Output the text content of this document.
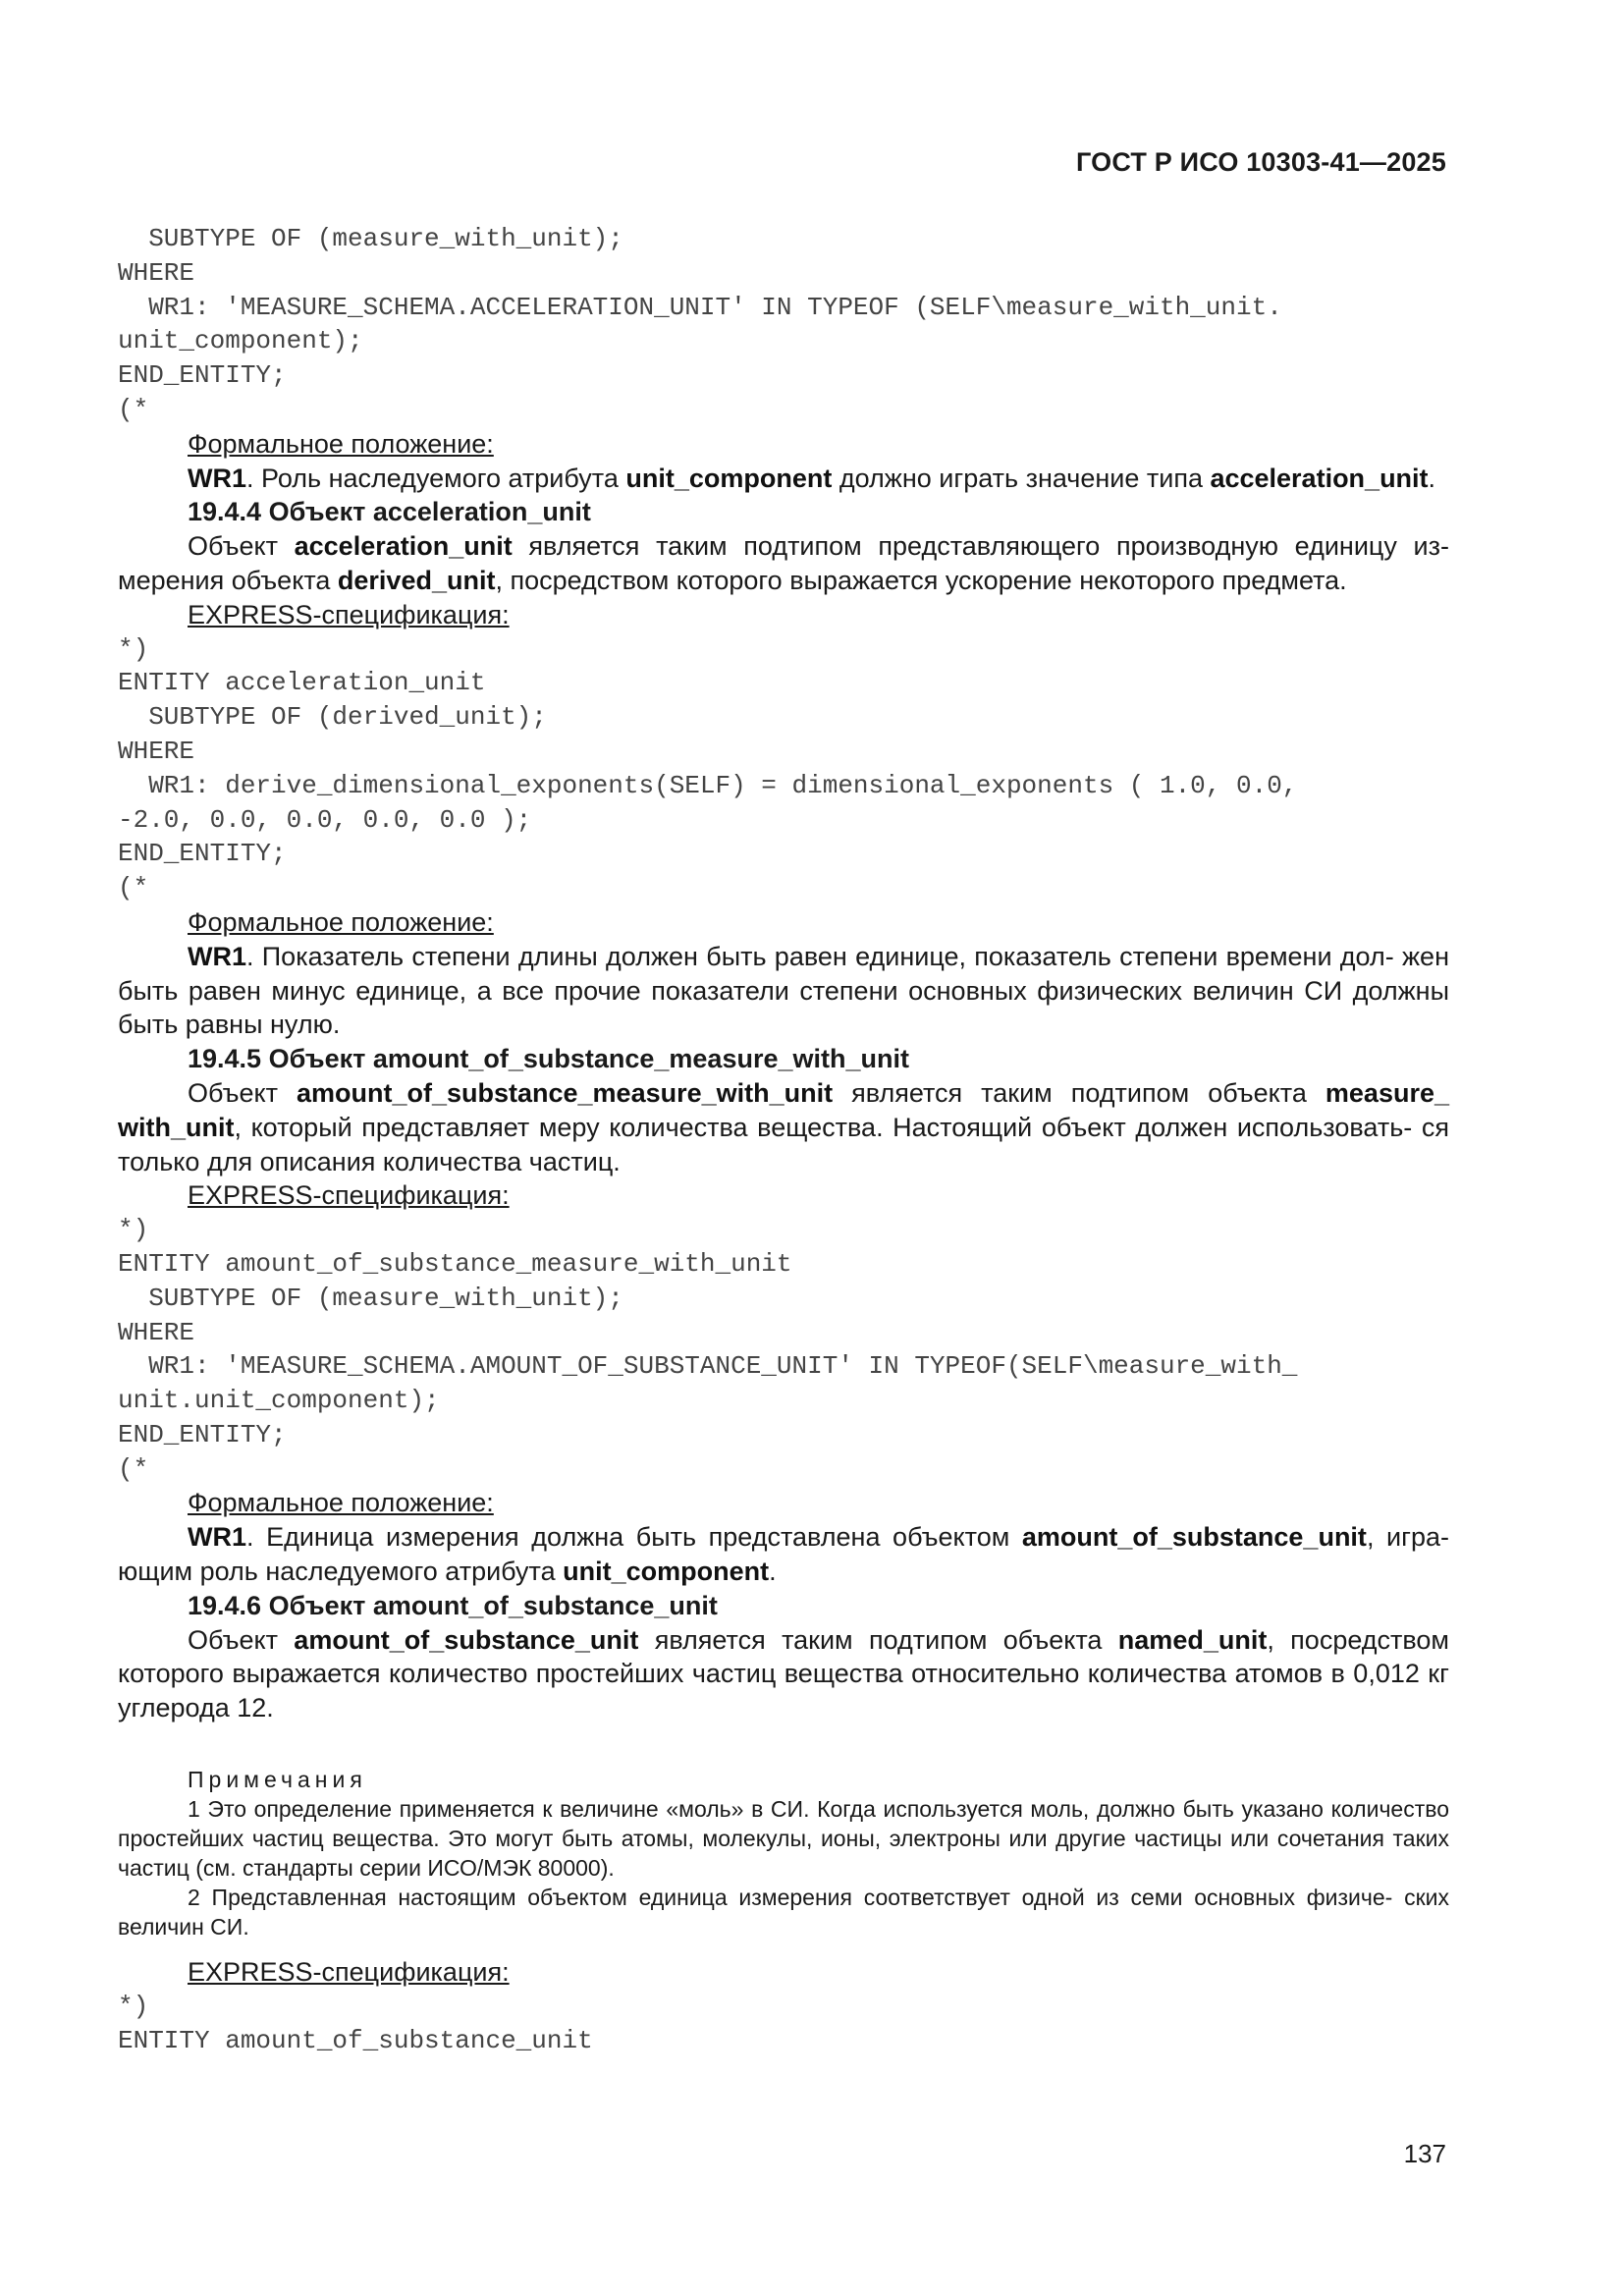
ГОСТ Р ИСО 10303-41—2025
SUBTYPE OF (measure_with_unit);
WHERE
WR1: 'MEASURE_SCHEMA.ACCELERATION_UNIT' IN TYPEOF (SELF\measure_with_unit.
unit_component);
END_ENTITY;
(*

Формальное положение:

WR1. Роль наследуемого атрибута unit_component должно играть значение типа acceleration_unit.

19.4.4 Объект acceleration_unit

Объект acceleration_unit является таким подтипом представляющего производную единицу из- мерения объекта derived_unit, посредством которого выражается ускорение некоторого предмета.

EXPRESS-спецификация:

*)
ENTITY acceleration_unit
SUBTYPE OF (derived_unit);
WHERE
WR1: derive_dimensional_exponents(SELF) = dimensional_exponents ( 1.0, 0.0,
-2.0, 0.0, 0.0, 0.0, 0.0 );
END_ENTITY;
(*

Формальное положение:

WR1. Показатель степени длины должен быть равен единице, показатель степени времени дол- жен быть равен минус единице, а все прочие показатели степени основных физических величин СИ должны быть равны нулю.

19.4.5 Объект amount_of_substance_measure_with_unit

Объект amount_of_substance_measure_with_unit является таким подтипом объекта measure_ with_unit, который представляет меру количества вещества. Настоящий объект должен использовать- ся только для описания количества частиц.

EXPRESS-спецификация:

*)
ENTITY amount_of_substance_measure_with_unit
SUBTYPE OF (measure_with_unit);
WHERE
WR1: 'MEASURE_SCHEMA.AMOUNT_OF_SUBSTANCE_UNIT' IN TYPEOF(SELF\measure_with_
unit.unit_component);
END_ENTITY;
(*

Формальное положение:

WR1. Единица измерения должна быть представлена объектом amount_of_substance_unit, игра- ющим роль наследуемого атрибута unit_component.

19.4.6 Объект amount_of_substance_unit

Объект amount_of_substance_unit является таким подтипом объекта named_unit, посредством которого выражается количество простейших частиц вещества относительно количества атомов в 0,012 кг углерода 12.

Примечания

1 Это определение применяется к величине «моль» в СИ. Когда используется моль, должно быть указано количество простейших частиц вещества. Это могут быть атомы, молекулы, ионы, электроны или другие частицы или сочетания таких частиц (см. стандарты серии ИСО/МЭК 80000).

2 Представленная настоящим объектом единица измерения соответствует одной из семи основных физиче- ских величин СИ.

EXPRESS-спецификация:

*)
ENTITY amount_of_substance_unit
137
